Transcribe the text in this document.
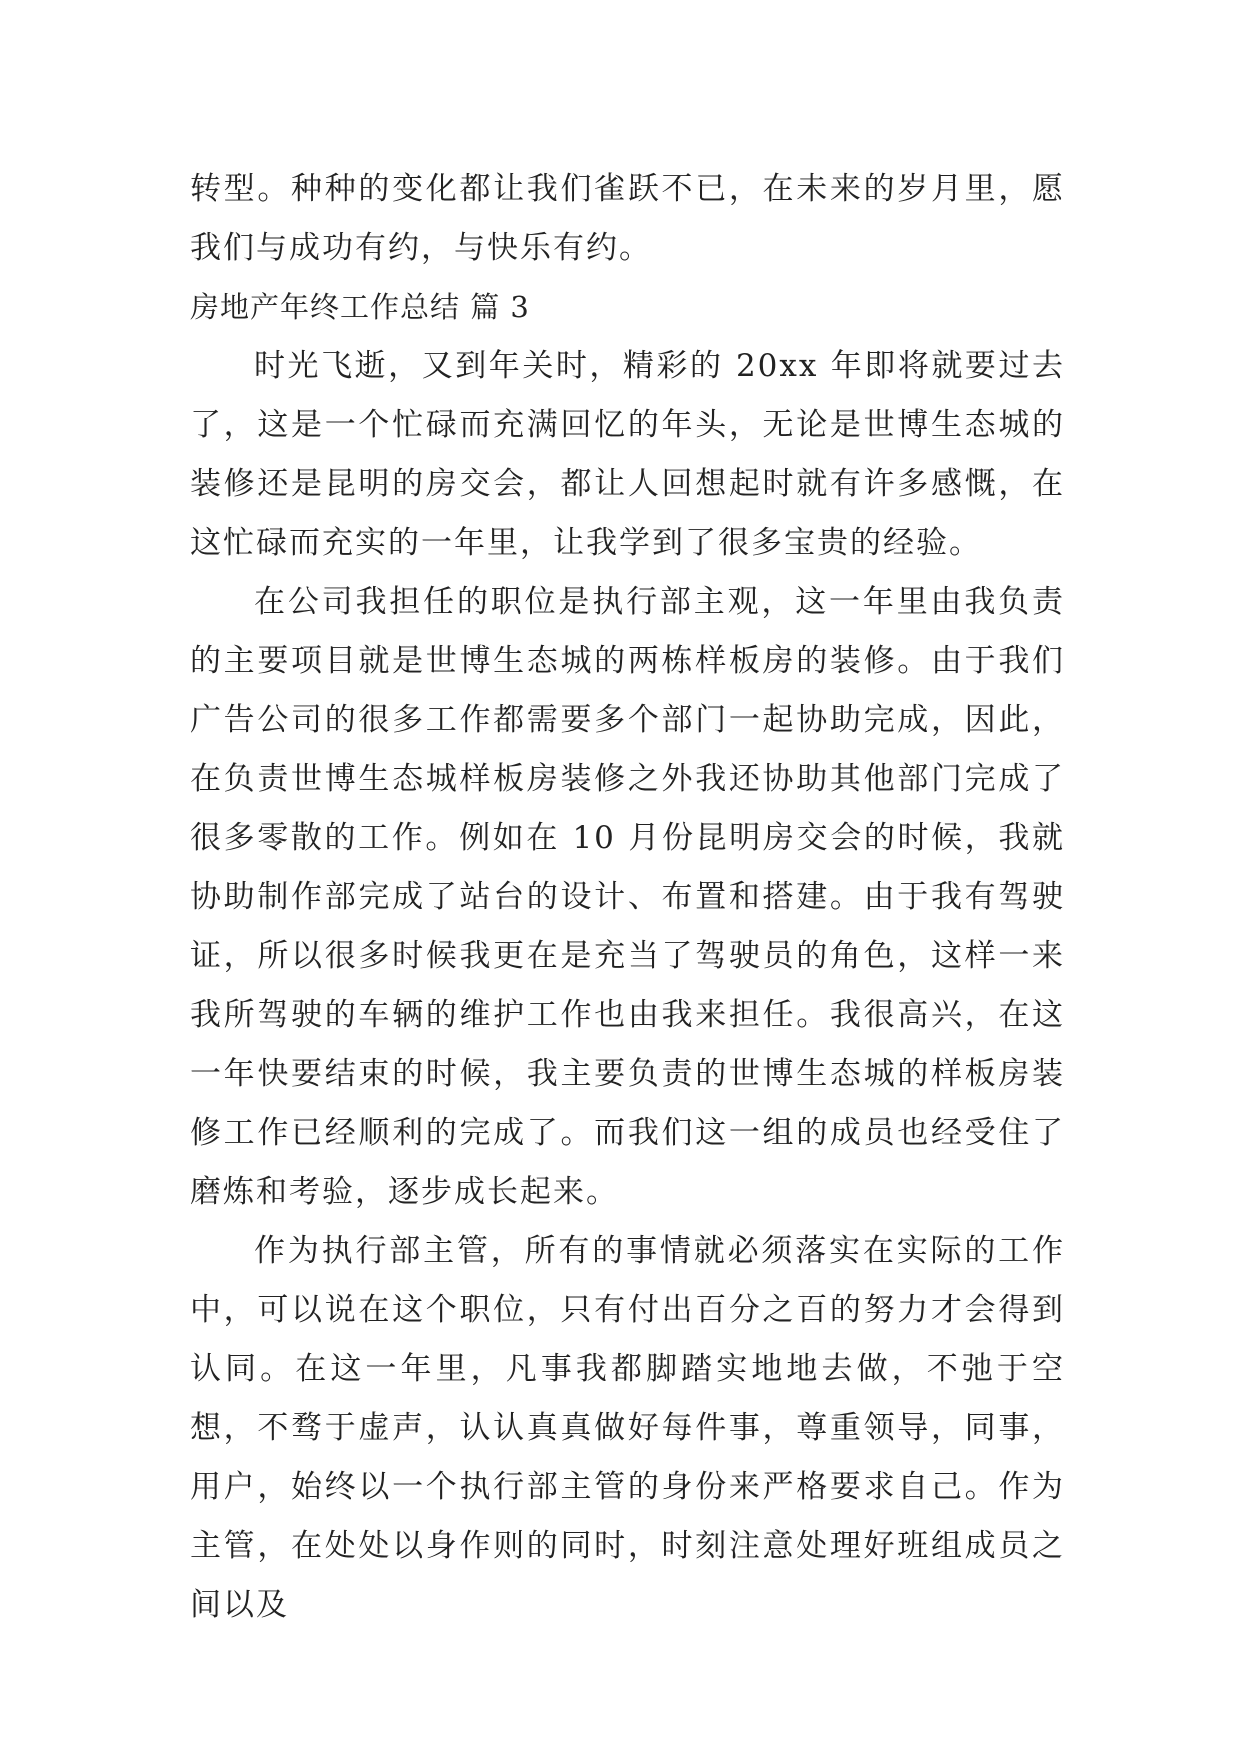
转型。种种的变化都让我们雀跃不已，在未来的岁月里，愿我们与成功有约，与快乐有约。

房地产年终工作总结 篇 3

时光飞逝，又到年关时，精彩的 20xx 年即将就要过去了，这是一个忙碌而充满回忆的年头，无论是世博生态城的装修还是昆明的房交会，都让人回想起时就有许多感慨，在这忙碌而充实的一年里，让我学到了很多宝贵的经验。

在公司我担任的职位是执行部主观，这一年里由我负责的主要项目就是世博生态城的两栋样板房的装修。由于我们广告公司的很多工作都需要多个部门一起协助完成，因此，在负责世博生态城样板房装修之外我还协助其他部门完成了很多零散的工作。例如在 10 月份昆明房交会的时候，我就协助制作部完成了站台的设计、布置和搭建。由于我有驾驶证，所以很多时候我更在是充当了驾驶员的角色，这样一来我所驾驶的车辆的维护工作也由我来担任。我很高兴，在这一年快要结束的时候，我主要负责的世博生态城的样板房装修工作已经顺利的完成了。而我们这一组的成员也经受住了磨炼和考验，逐步成长起来。

作为执行部主管，所有的事情就必须落实在实际的工作中，可以说在这个职位，只有付出百分之百的努力才会得到认同。在这一年里，凡事我都脚踏实地地去做，不弛于空想，不骛于虚声，认认真真做好每件事，尊重领导，同事，用户，始终以一个执行部主管的身份来严格要求自己。作为主管，在处处以身作则的同时，时刻注意处理好班组成员之间以及
